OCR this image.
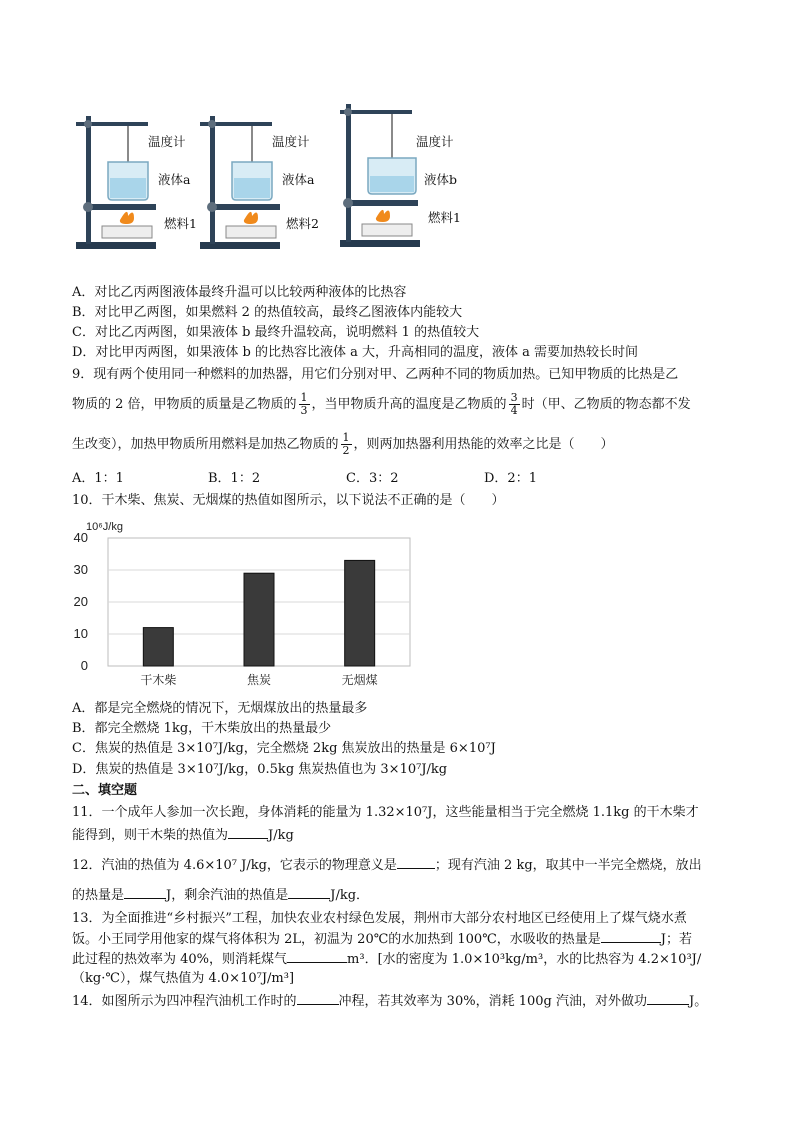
温度计
液体a
燃料1
温度计
液体a
燃料2
温度计
液体b
燃料1
A．对比乙丙两图液体最终升温可以比较两种液体的比热容
B．对比甲乙两图，如果燃料 2 的热值较高，最终乙图液体内能较大
C．对比乙丙两图，如果液体 b 最终升温较高，说明燃料 1 的热值较大
D．对比甲丙两图，如果液体 b 的比热容比液体 a 大，升高相同的温度，液体 a 需要加热较长时间
9．现有两个使用同一种燃料的加热器，用它们分别对甲、乙两种不同的物质加热。已知甲物质的比热是乙
物质的 2 倍，甲物质的质量是乙物质的 $\frac{1}{3}$ ，当甲物质升高的温度是乙物质的 $\frac{3}{4}$ 时（甲、乙物质的物态都不发
生改变），加热甲物质所用燃料是加热乙物质的 $\frac{1}{2}$ ，则两加热器利用热能的效率之比是（　　）
A．1：1	B．1：2	C．3：2	D．2：1
10．干木柴、焦炭、无烟煤的热值如图所示，以下说法不正确的是（　　）
0
10
20
30
40
10⁶J/kg
干木柴	焦炭	无烟煤
A．都是完全燃烧的情况下，无烟煤放出的热量最多
B．都完全燃烧 1kg，干木柴放出的热量最少
C．焦炭的热值是 3×10⁷J/kg，完全燃烧 2kg 焦炭放出的热量是 6×10⁷J
D．焦炭的热值是 3×10⁷J/kg，0.5kg 焦炭热值也为 3×10⁷J/kg
二、填空题
11．一个成年人参加一次长跑，身体消耗的能量为 1.32×10⁷J，这些能量相当于完全燃烧 1.1kg 的干木柴才
能得到，则干木柴的热值为	J/kg
12．汽油的热值为 4.6×10⁷ J/kg，它表示的物理意义是	；现有汽油 2 kg，取其中一半完全燃烧，放出
的热量是	J，剩余汽油的热值是	J/kg．
13．为全面推进“乡村振兴”工程，加快农业农村绿色发展，荆州市大部分农村地区已经使用上了煤气烧水煮
饭。小王同学用他家的煤气将体积为 2L，初温为 20℃的水加热到 100℃，水吸收的热量是	J；若
此过程的热效率为 40%，则消耗煤气	m³．[水的密度为 1.0×10³kg/m³，水的比热容为 4.2×10³J/
（kg·℃），煤气热值为 4.0×10⁷J/m³]
14．如图所示为四冲程汽油机工作时的	冲程，若其效率为 30%，消耗 100g 汽油，对外做功	J。
